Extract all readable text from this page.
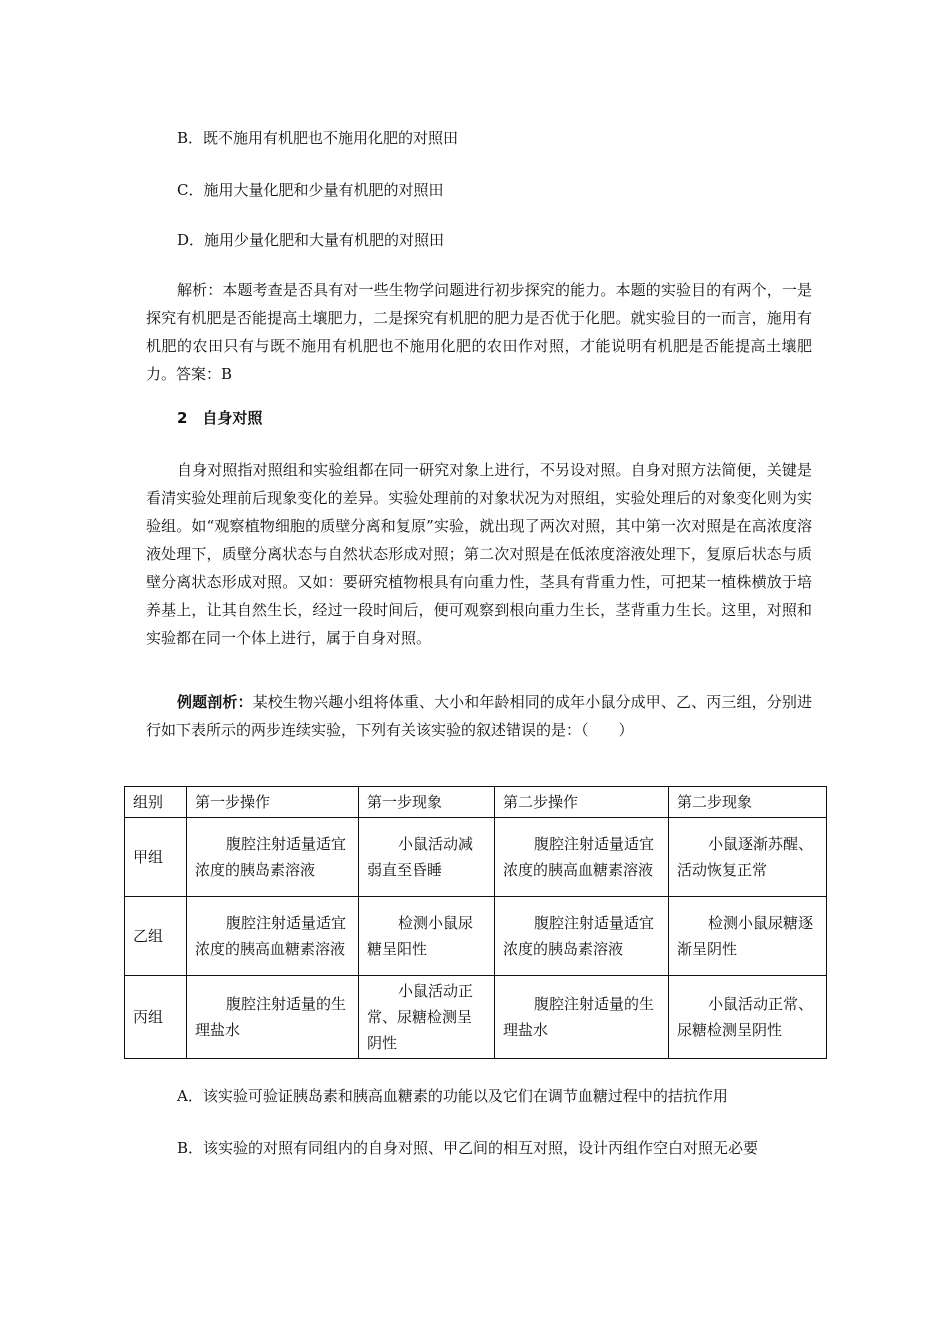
B．既不施用有机肥也不施用化肥的对照田

C．施用大量化肥和少量有机肥的对照田

D．施用少量化肥和大量有机肥的对照田

解析：本题考查是否具有对一些生物学问题进行初步探究的能力。本题的实验目的有两个，一是探究有机肥是否能提高土壤肥力，二是探究有机肥的肥力是否优于化肥。就实验目的一而言，施用有机肥的农田只有与既不施用有机肥也不施用化肥的农田作对照，才能说明有机肥是否能提高土壤肥力。答案：B

2　自身对照

自身对照指对照组和实验组都在同一研究对象上进行，不另设对照。自身对照方法简便，关键是看清实验处理前后现象变化的差异。实验处理前的对象状况为对照组，实验处理后的对象变化则为实验组。如“观察植物细胞的质壁分离和复原”实验，就出现了两次对照，其中第一次对照是在高浓度溶液处理下，质壁分离状态与自然状态形成对照；第二次对照是在低浓度溶液处理下，复原后状态与质壁分离状态形成对照。又如：要研究植物根具有向重力性，茎具有背重力性，可把某一植株横放于培养基上，让其自然生长，经过一段时间后，便可观察到根向重力生长，茎背重力生长。这里，对照和实验都在同一个体上进行，属于自身对照。

例题剖析：某校生物兴趣小组将体重、大小和年龄相同的成年小鼠分成甲、乙、丙三组，分别进行如下表所示的两步连续实验，下列有关该实验的叙述错误的是：（　　）

组别	第一步操作	第一步现象	第二步操作	第二步现象
甲组	腹腔注射适量适宜浓度的胰岛素溶液	小鼠活动减弱直至昏睡	腹腔注射适量适宜浓度的胰高血糖素溶液	小鼠逐渐苏醒、活动恢复正常
乙组	腹腔注射适量适宜浓度的胰高血糖素溶液	检测小鼠尿糖呈阳性	腹腔注射适量适宜浓度的胰岛素溶液	检测小鼠尿糖逐渐呈阴性
丙组	腹腔注射适量的生理盐水	小鼠活动正常、尿糖检测呈阴性	腹腔注射适量的生理盐水	小鼠活动正常、尿糖检测呈阴性

A．该实验可验证胰岛素和胰高血糖素的功能以及它们在调节血糖过程中的拮抗作用

B．该实验的对照有同组内的自身对照、甲乙间的相互对照，设计丙组作空白对照无必要
